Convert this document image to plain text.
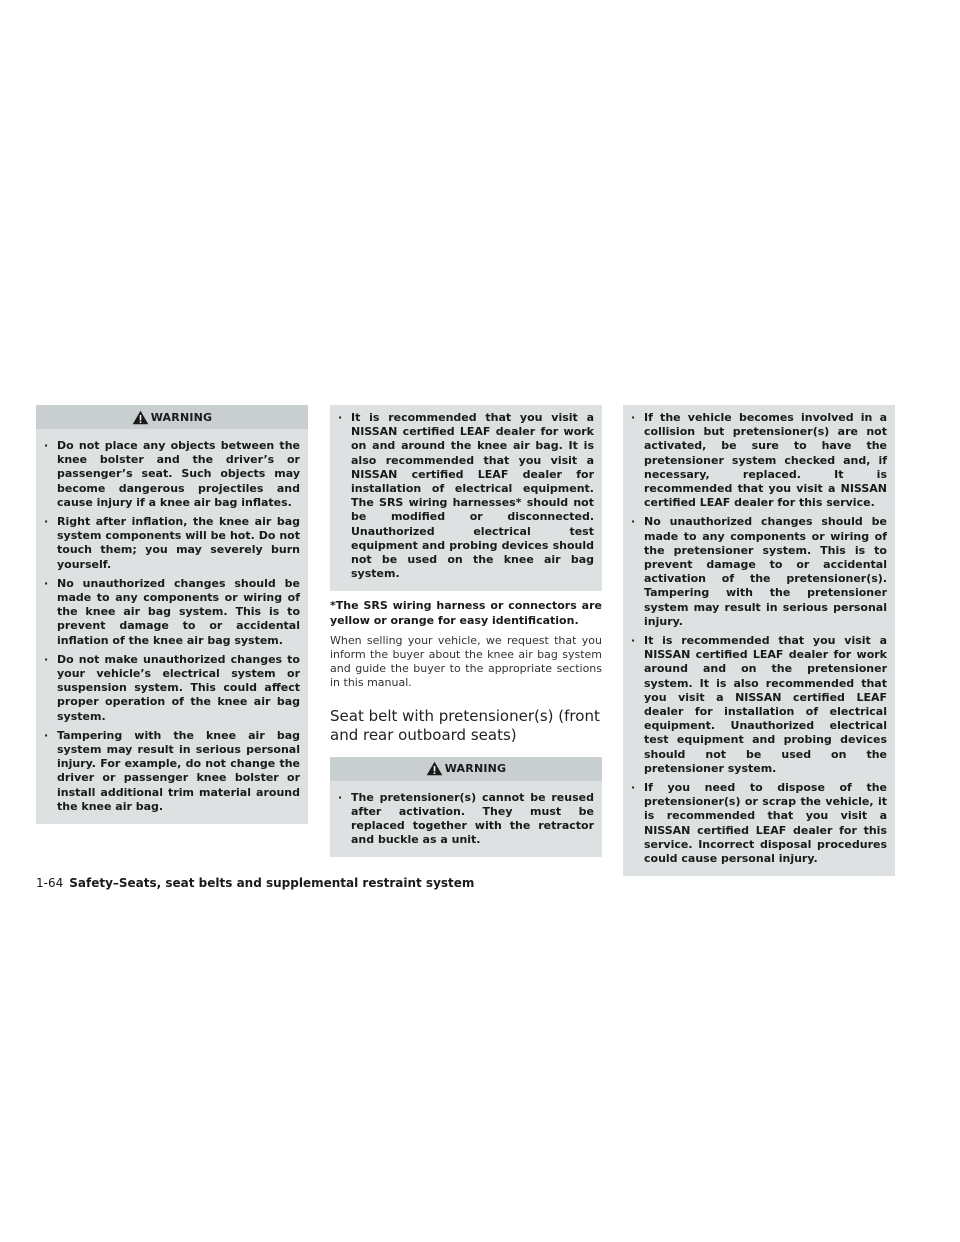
WARNING
· Do not place any objects between the knee bolster and the driver’s or passenger’s seat. Such objects may become dangerous projectiles and cause injury if a knee air bag inflates.
· Right after inflation, the knee air bag system components will be hot. Do not touch them; you may severely burn yourself.
· No unauthorized changes should be made to any components or wiring of the knee air bag system. This is to prevent damage to or accidental inflation of the knee air bag system.
· Do not make unauthorized changes to your vehicle’s electrical system or suspension system. This could affect proper operation of the knee air bag system.
· Tampering with the knee air bag system may result in serious personal injury. For example, do not change the driver or passenger knee bolster or install additional trim material around the knee air bag.
· It is recommended that you visit a NISSAN certified LEAF dealer for work on and around the knee air bag. It is also recommended that you visit a NISSAN certified LEAF dealer for installation of electrical equipment. The SRS wiring harnesses* should not be modified or disconnected. Unauthorized electrical test equipment and probing devices should not be used on the knee air bag system.

*The SRS wiring harness or connectors are yellow or orange for easy identification.

When selling your vehicle, we request that you inform the buyer about the knee air bag system and guide the buyer to the appropriate sections in this manual.

Seat belt with pretensioner(s) (front and rear outboard seats)
WARNING
· The pretensioner(s) cannot be reused after activation. They must be replaced together with the retractor and buckle as a unit.
· If the vehicle becomes involved in a collision but pretensioner(s) are not activated, be sure to have the pretensioner system checked and, if necessary, replaced. It is recommended that you visit a NISSAN certified LEAF dealer for this service.
· No unauthorized changes should be made to any components or wiring of the pretensioner system. This is to prevent damage to or accidental activation of the pretensioner(s). Tampering with the pretensioner system may result in serious personal injury.
· It is recommended that you visit a NISSAN certified LEAF dealer for work around and on the pretensioner system. It is also recommended that you visit a NISSAN certified LEAF dealer for installation of electrical equipment. Unauthorized electrical test equipment and probing devices should not be used on the pretensioner system.
· If you need to dispose of the pretensioner(s) or scrap the vehicle, it is recommended that you visit a NISSAN certified LEAF dealer for this service. Incorrect disposal procedures could cause personal injury.
1-64 Safety–Seats, seat belts and supplemental restraint system
